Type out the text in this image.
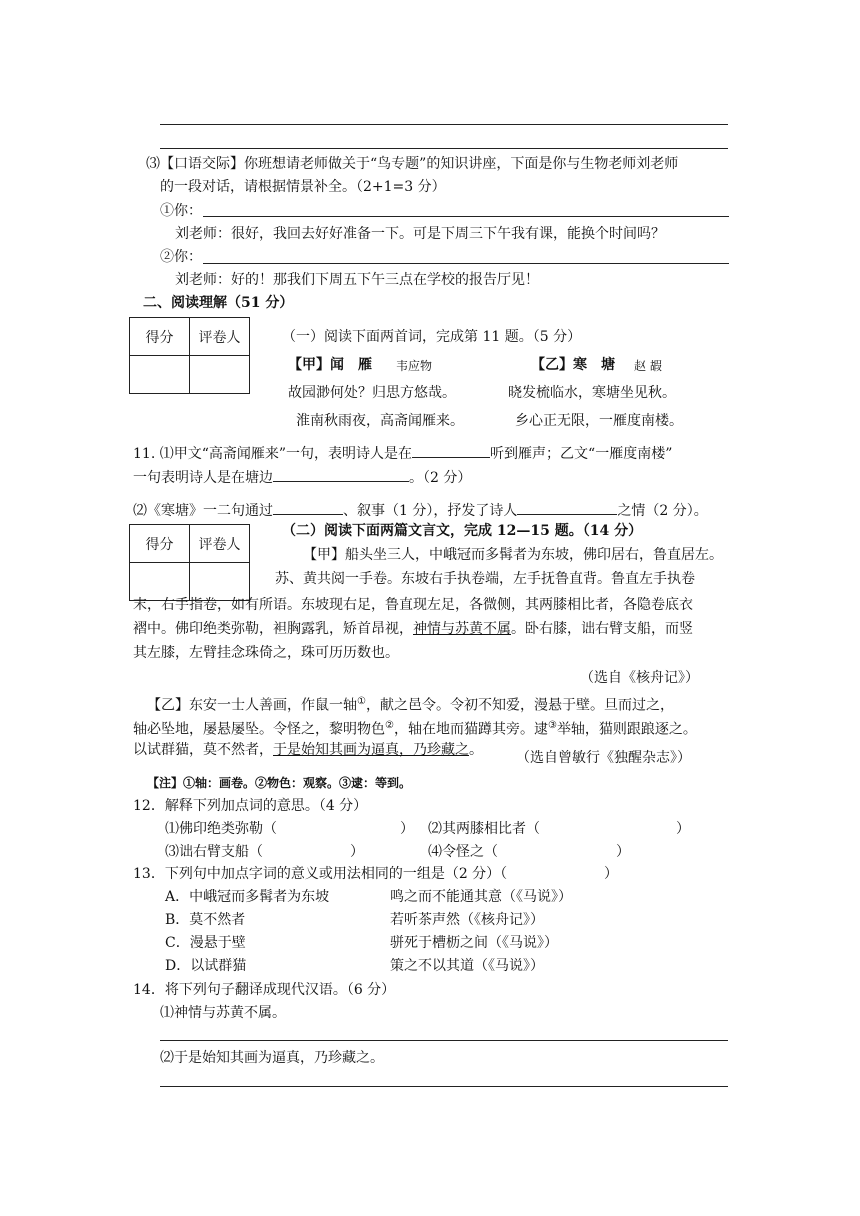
⑶【口语交际】你班想请老师做关于“鸟专题”的知识讲座，下面是你与生物老师刘老师
的一段对话，请根据情景补全。（2+1=3 分）
①你：
刘老师：很好，我回去好好准备一下。可是下周三下午我有课，能换个时间吗？
②你：
刘老师：好的！那我们下周五下午三点在学校的报告厅见！
二、阅读理解（51 分）
得分	评卷人
		（一）阅读下面两首词，完成第 11 题。（5 分）
【甲】闻　雁 韦应物	【乙】寒　塘 赵 嘏
故园渺何处？归思方悠哉。	晓发梳临水，寒塘坐见秋。
淮南秋雨夜，高斋闻雁来。	乡心正无限，一雁度南楼。
11. ⑴甲文“高斋闻雁来”一句，表明诗人是在	听到雁声；乙文“一雁度南楼”
一句表明诗人是在塘边	。（2 分）
⑵《寒塘》一二句通过	、叙事（1 分），抒发了诗人	之情（2 分）。
得分	评卷人

（二）阅读下面两篇文言文，完成 12—15 题。（14 分）
【甲】船头坐三人，中峨冠而多髯者为东坡，佛印居右，鲁直居左。
苏、黄共阅一手卷。东坡右手执卷端，左手抚鲁直背。鲁直左手执卷
末，右手指卷，如有所语。东坡现右足，鲁直现左足，各微侧，其两膝相比者，各隐卷底衣
褶中。佛印绝类弥勒，袒胸露乳，矫首昂视，神情与苏黄不属。卧右膝，诎右臂支船，而竖
其左膝，左臂挂念珠倚之，珠可历历数也。
（选自《核舟记》）
【乙】东安一士人善画，作鼠一轴①，献之邑令。令初不知爱，漫悬于壁。旦而过之，
轴必坠地，屡悬屡坠。令怪之，黎明物色②，轴在地而猫蹲其旁。逮③举轴，猫则跟踉逐之。
以试群猫，莫不然者，于是始知其画为逼真，乃珍藏之。 （选自曾敏行《独醒杂志》）
【注】①轴：画卷。②物色：观察。③逮：等到。
12．解释下列加点词的意思。（4 分）
⑴佛印绝类弥勒（	） ⑵其两膝相比者（	）
⑶诎右臂支船（	）	⑷令怪之（	）
13．下列句中加点字词的意义或用法相同的一组是（2 分）（	）
A．中峨冠而多髯者为东坡	鸣之而不能通其意（《马说》）
B．莫不然者	若听茶声然（《核舟记》）
C．漫悬于壁	骈死于槽枥之间（《马说》）
D．以试群猫	策之不以其道（《马说》）
14．将下列句子翻译成现代汉语。（6 分）
⑴神情与苏黄不属。
⑵于是始知其画为逼真，乃珍藏之。
